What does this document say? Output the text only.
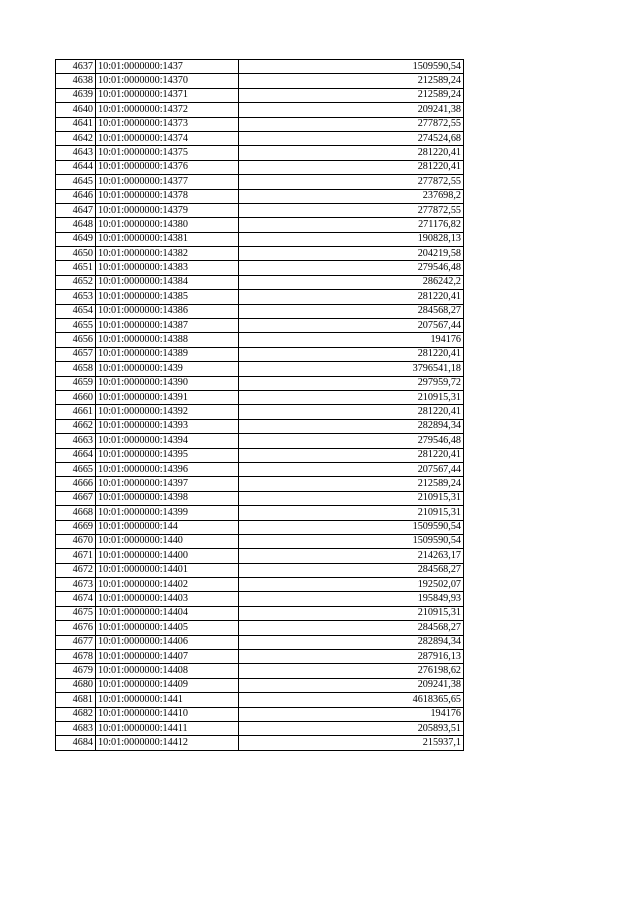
4637	10:01:0000000:1437	1509590,54
4638	10:01:0000000:14370	212589,24
4639	10:01:0000000:14371	212589,24
4640	10:01:0000000:14372	209241,38
4641	10:01:0000000:14373	277872,55
4642	10:01:0000000:14374	274524,68
4643	10:01:0000000:14375	281220,41
4644	10:01:0000000:14376	281220,41
4645	10:01:0000000:14377	277872,55
4646	10:01:0000000:14378	237698,2
4647	10:01:0000000:14379	277872,55
4648	10:01:0000000:14380	271176,82
4649	10:01:0000000:14381	190828,13
4650	10:01:0000000:14382	204219,58
4651	10:01:0000000:14383	279546,48
4652	10:01:0000000:14384	286242,2
4653	10:01:0000000:14385	281220,41
4654	10:01:0000000:14386	284568,27
4655	10:01:0000000:14387	207567,44
4656	10:01:0000000:14388	194176
4657	10:01:0000000:14389	281220,41
4658	10:01:0000000:1439	3796541,18
4659	10:01:0000000:14390	297959,72
4660	10:01:0000000:14391	210915,31
4661	10:01:0000000:14392	281220,41
4662	10:01:0000000:14393	282894,34
4663	10:01:0000000:14394	279546,48
4664	10:01:0000000:14395	281220,41
4665	10:01:0000000:14396	207567,44
4666	10:01:0000000:14397	212589,24
4667	10:01:0000000:14398	210915,31
4668	10:01:0000000:14399	210915,31
4669	10:01:0000000:144	1509590,54
4670	10:01:0000000:1440	1509590,54
4671	10:01:0000000:14400	214263,17
4672	10:01:0000000:14401	284568,27
4673	10:01:0000000:14402	192502,07
4674	10:01:0000000:14403	195849,93
4675	10:01:0000000:14404	210915,31
4676	10:01:0000000:14405	284568,27
4677	10:01:0000000:14406	282894,34
4678	10:01:0000000:14407	287916,13
4679	10:01:0000000:14408	276198,62
4680	10:01:0000000:14409	209241,38
4681	10:01:0000000:1441	4618365,65
4682	10:01:0000000:14410	194176
4683	10:01:0000000:14411	205893,51
4684	10:01:0000000:14412	215937,1
